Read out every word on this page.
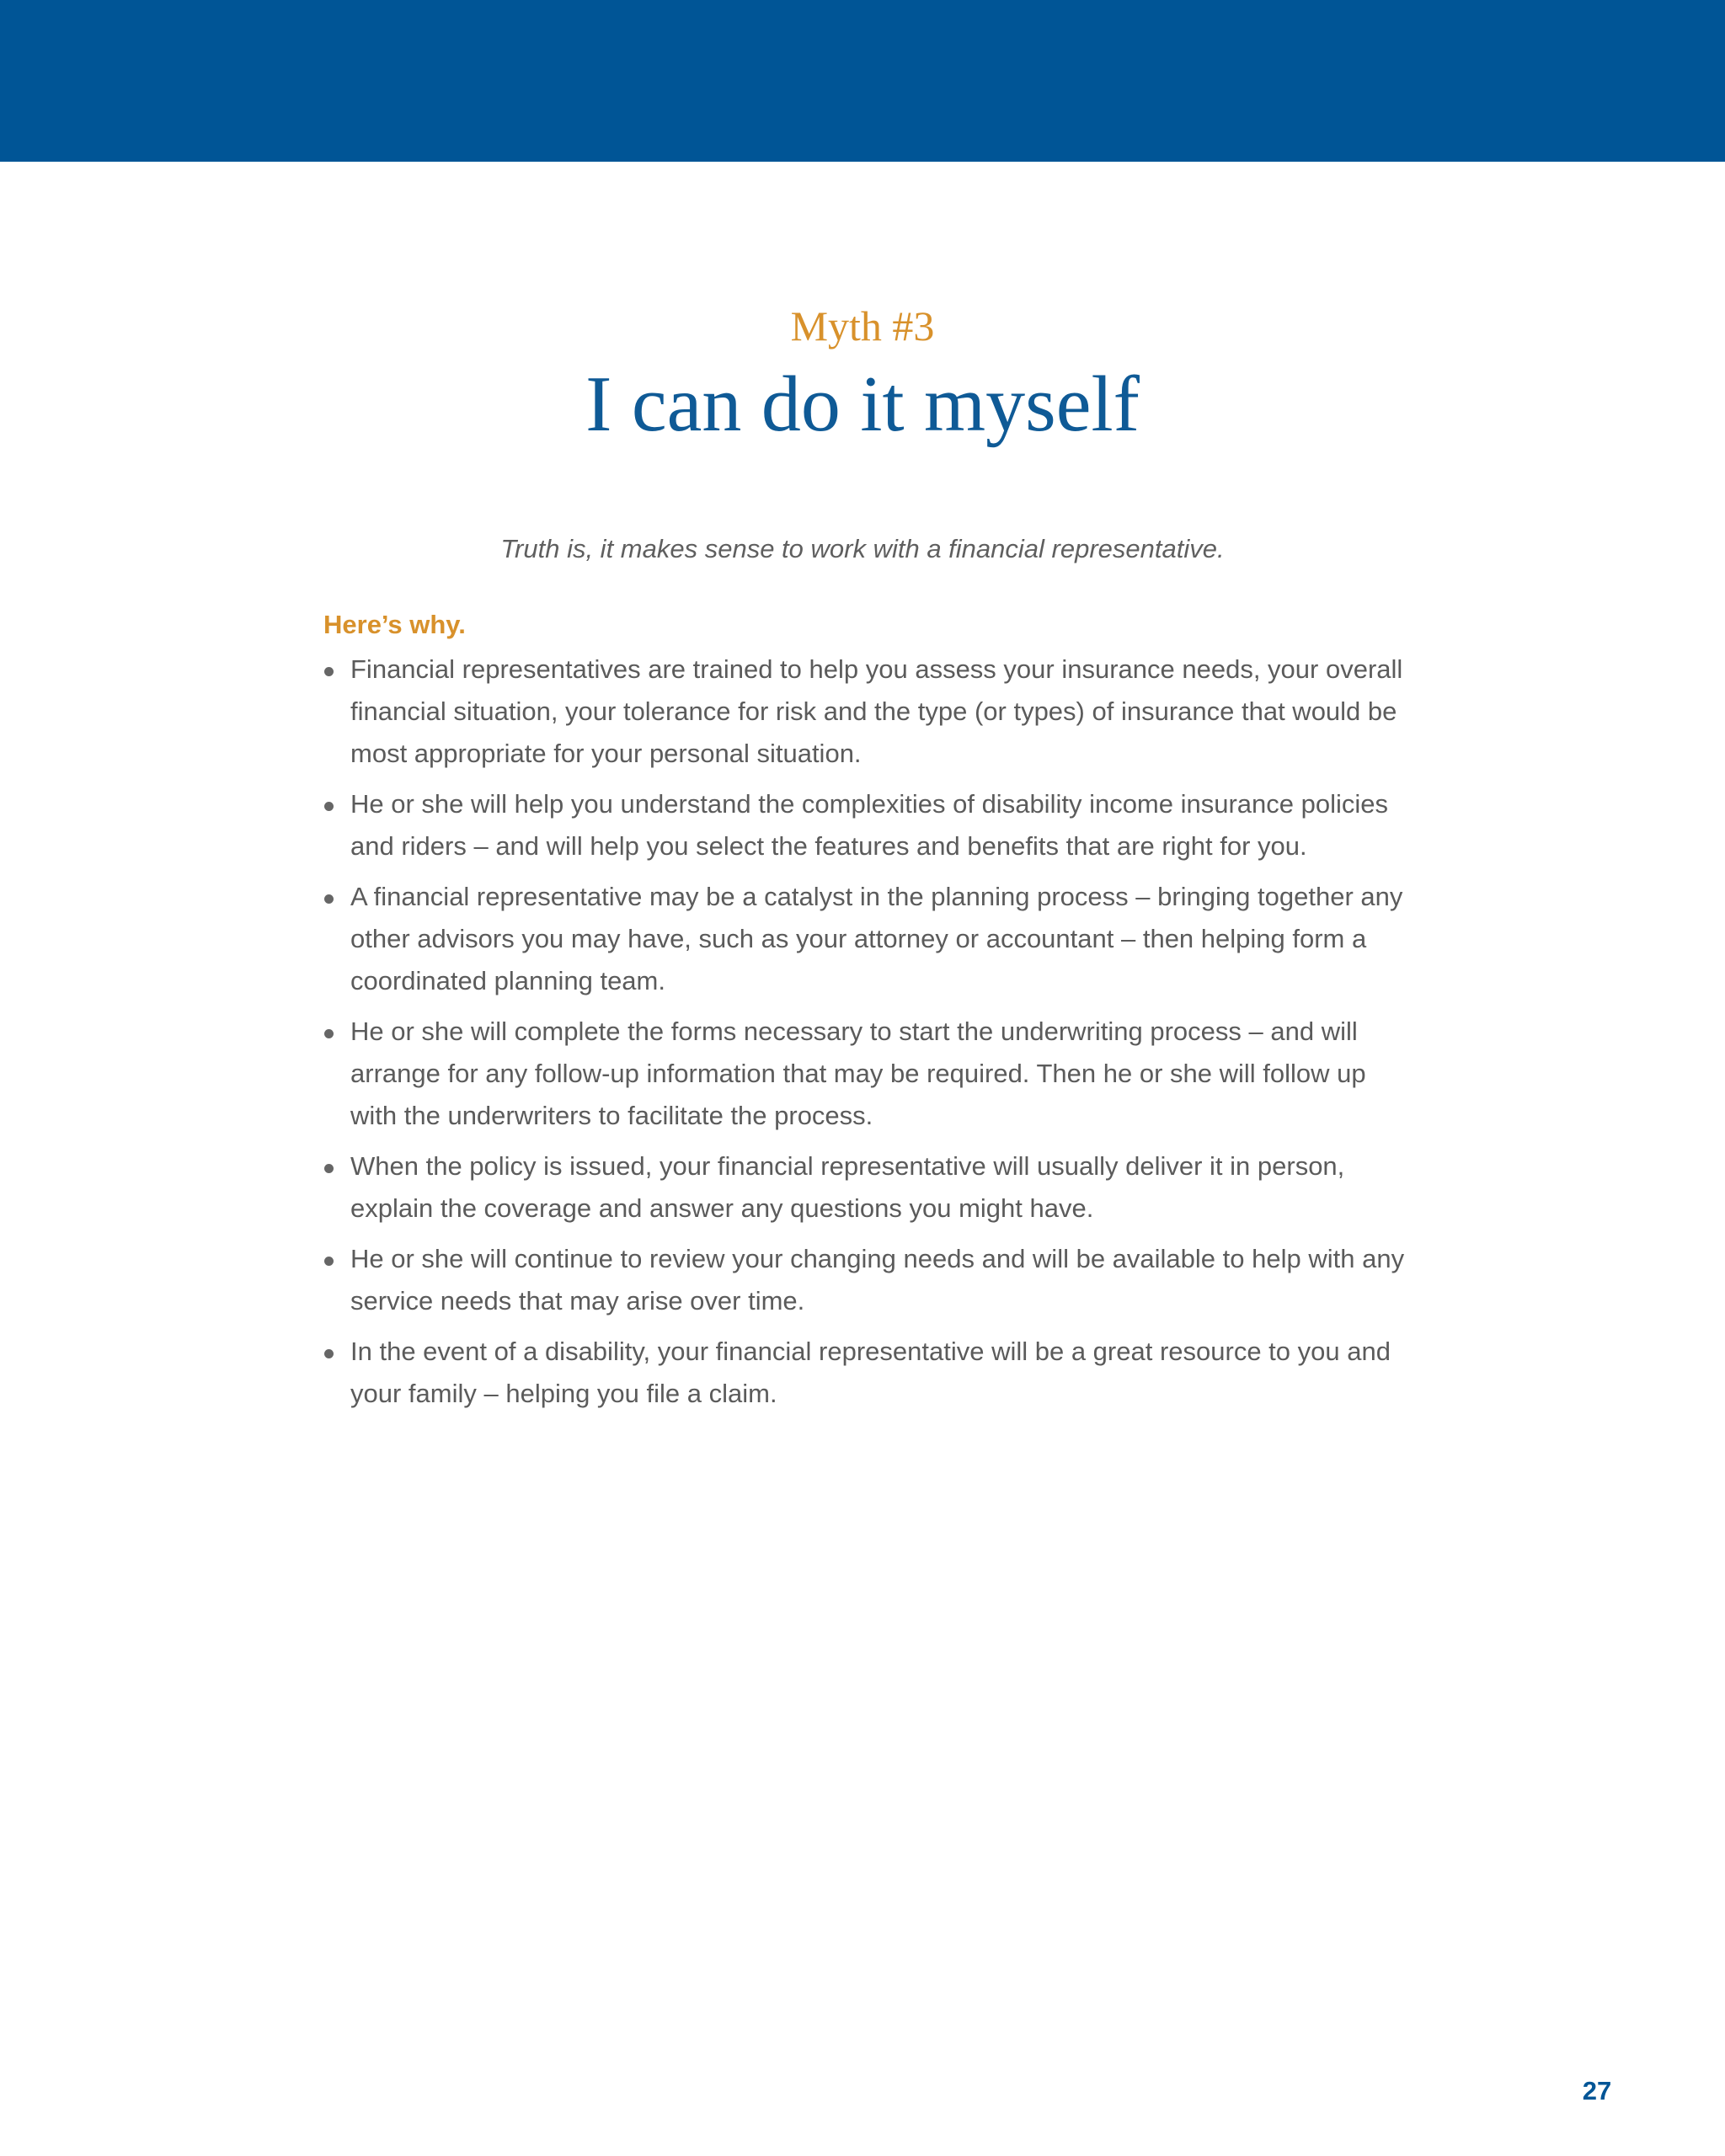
Myth #3
I can do it myself
Truth is, it makes sense to work with a financial representative.
Here’s why.
Financial representatives are trained to help you assess your insurance needs, your overall financial situation, your tolerance for risk and the type (or types) of insurance that would be most appropriate for your personal situation.
He or she will help you understand the complexities of disability income insurance policies and riders – and will help you select the features and benefits that are right for you.
A financial representative may be a catalyst in the planning process – bringing together any other advisors you may have, such as your attorney or accountant – then helping form a coordinated planning team.
He or she will complete the forms necessary to start the underwriting process – and will arrange for any follow-up information that may be required. Then he or she will follow up with the underwriters to facilitate the process.
When the policy is issued, your financial representative will usually deliver it in person, explain the coverage and answer any questions you might have.
He or she will continue to review your changing needs and will be available to help with any service needs that may arise over time.
In the event of a disability, your financial representative will be a great resource to you and your family – helping you file a claim.
27
